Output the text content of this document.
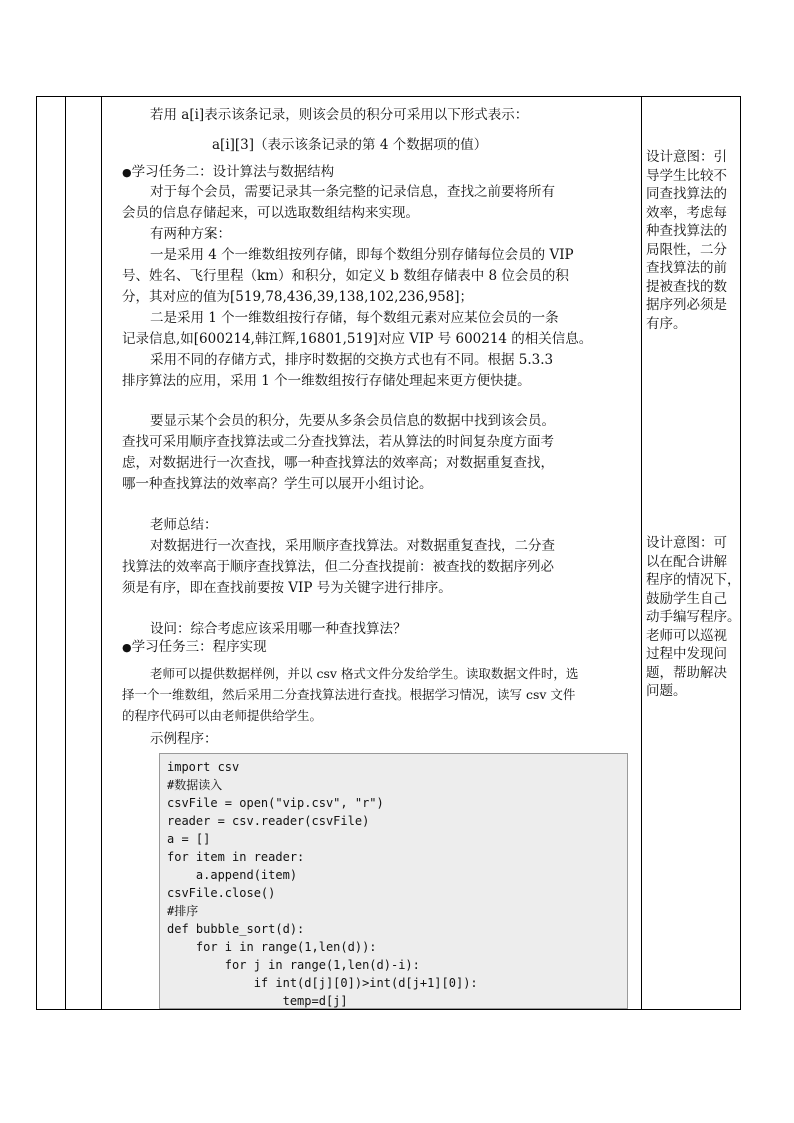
若用 a[i]表示该条记录，则该会员的积分可采用以下形式表示：
a[i][3]（表示该条记录的第 4 个数据项的值）
● 学习任务二：设计算法与数据结构
对于每个会员，需要记录其一条完整的记录信息，查找之前要将所有
会员的信息存储起来，可以选取数组结构来实现。
有两种方案：
一是采用 4 个一维数组按列存储，即每个数组分别存储每位会员的 VIP
号、姓名、飞行里程（km）和积分，如定义 b 数组存储表中 8 位会员的积
分，其对应的值为[519,78,436,39,138,102,236,958]；
二是采用 1 个一维数组按行存储，每个数组元素对应某位会员的一条
记录信息,如[600214,韩江辉,16801,519]对应 VIP 号 600214 的相关信息。
采用不同的存储方式，排序时数据的交换方式也有不同。根据 5.3.3
排序算法的应用，采用 1 个一维数组按行存储处理起来更方便快捷。
要显示某个会员的积分，先要从多条会员信息的数据中找到该会员。
查找可采用顺序查找算法或二分查找算法，若从算法的时间复杂度方面考
虑，对数据进行一次查找，哪一种查找算法的效率高；对数据重复查找，
哪一种查找算法的效率高？学生可以展开小组讨论。
老师总结：
对数据进行一次查找，采用顺序查找算法。对数据重复查找，二分查
找算法的效率高于顺序查找算法，但二分查找提前：被查找的数据序列必
须是有序，即在查找前要按 VIP 号为关键字进行排序。
设问：综合考虑应该采用哪一种查找算法？
● 学习任务三：程序实现
老师可以提供数据样例，并以 csv 格式文件分发给学生。读取数据文件时，选
择一个一维数组，然后采用二分查找算法进行查找。根据学习情况，读写 csv 文件
的程序代码可以由老师提供给学生。
示例程序：
import csv
#数据读入
csvFile = open("vip.csv", "r")
reader = csv.reader(csvFile)
a = []
for item in reader:
a.append(item)
csvFile.close()
#排序
def bubble_sort(d):
for i in range(1,len(d)):
for j in range(1,len(d)-i):
if int(d[j][0])>int(d[j+1][0]):
temp=d[j]
设计意图：引
导学生比较不
同查找算法的
效率，考虑每
种查找算法的
局限性，二分
查找算法的前
提被查找的数
据序列必须是
有序。
设计意图：可
以在配合讲解
程序的情况下，
鼓励学生自己
动手编写程序。
老师可以巡视
过程中发现问
题，帮助解决
问题。
